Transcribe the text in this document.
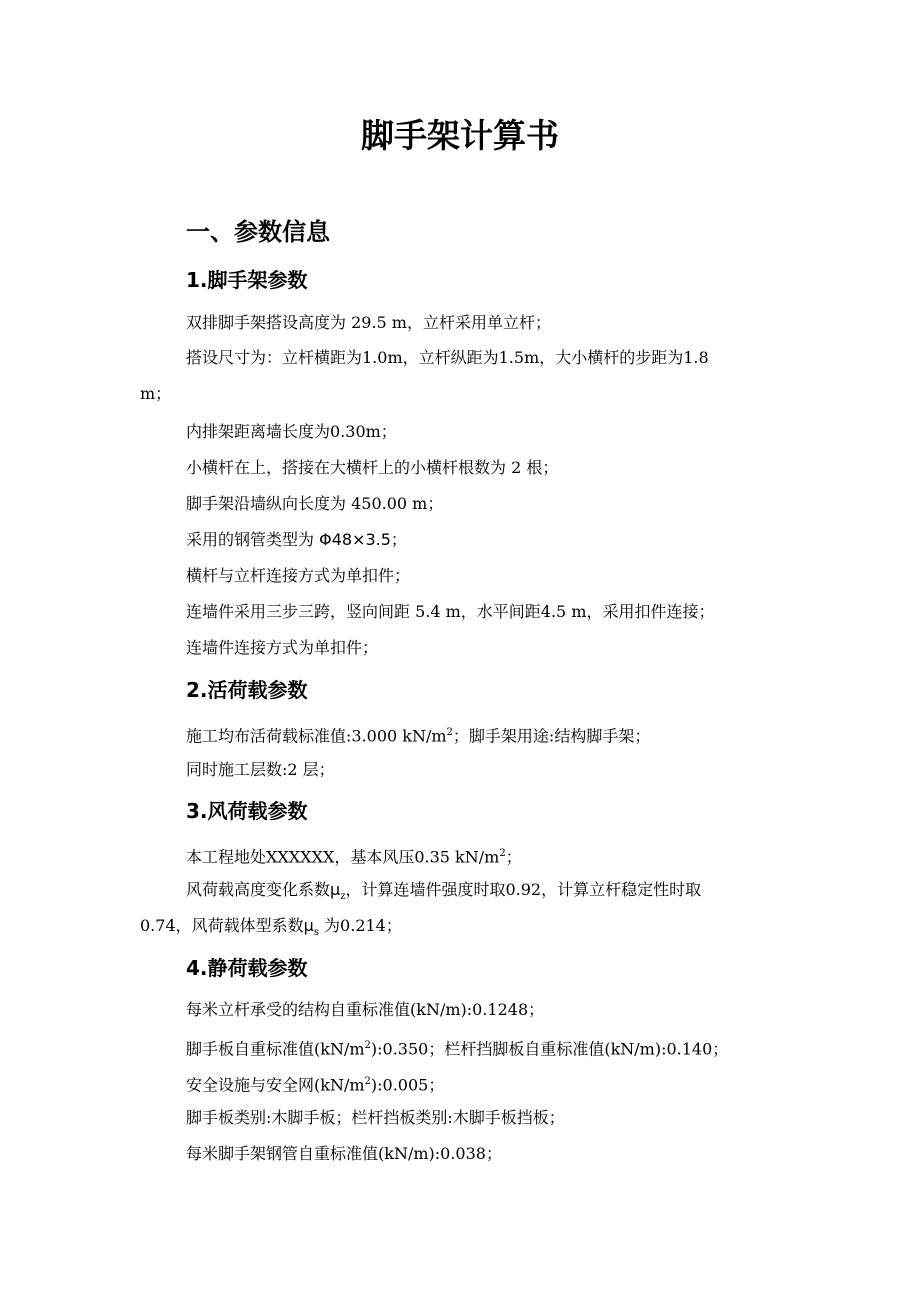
脚手架计算书
一、参数信息
1.脚手架参数

双排脚手架搭设高度为 29.5 m，立杆采用单立杆；

搭设尺寸为：立杆横距为1.0m，立杆纵距为1.5m，大小横杆的步距为1.8

m；

内排架距离墙长度为0.30m；

小横杆在上，搭接在大横杆上的小横杆根数为 2 根；

脚手架沿墙纵向长度为 450.00 m；

采用的钢管类型为 Φ48×3.5；

横杆与立杆连接方式为单扣件；

连墙件采用三步三跨，竖向间距 5.4 m，水平间距4.5 m，采用扣件连接；

连墙件连接方式为单扣件；

2.活荷载参数

施工均布活荷载标准值:3.000 $kN/m^2$；脚手架用途:结构脚手架；

同时施工层数:2 层；

3.风荷载参数

本工程地处XXXXXX，基本风压0.35 $kN/m^2$；

风荷载高度变化系数$\mu_z$，计算连墙件强度时取0.92，计算立杆稳定性时取

0.74，风荷载体型系数$\mu_s$ 为0.214；

4.静荷载参数

每米立杆承受的结构自重标准值(kN/m):0.1248；

脚手板自重标准值$(kN/m^2):0.350$；栏杆挡脚板自重标准值(kN/m):0.140；

安全设施与安全网$(kN/m^2):0.005$；

脚手板类别:木脚手板；栏杆挡板类别:木脚手板挡板；

每米脚手架钢管自重标准值(kN/m):0.038；
